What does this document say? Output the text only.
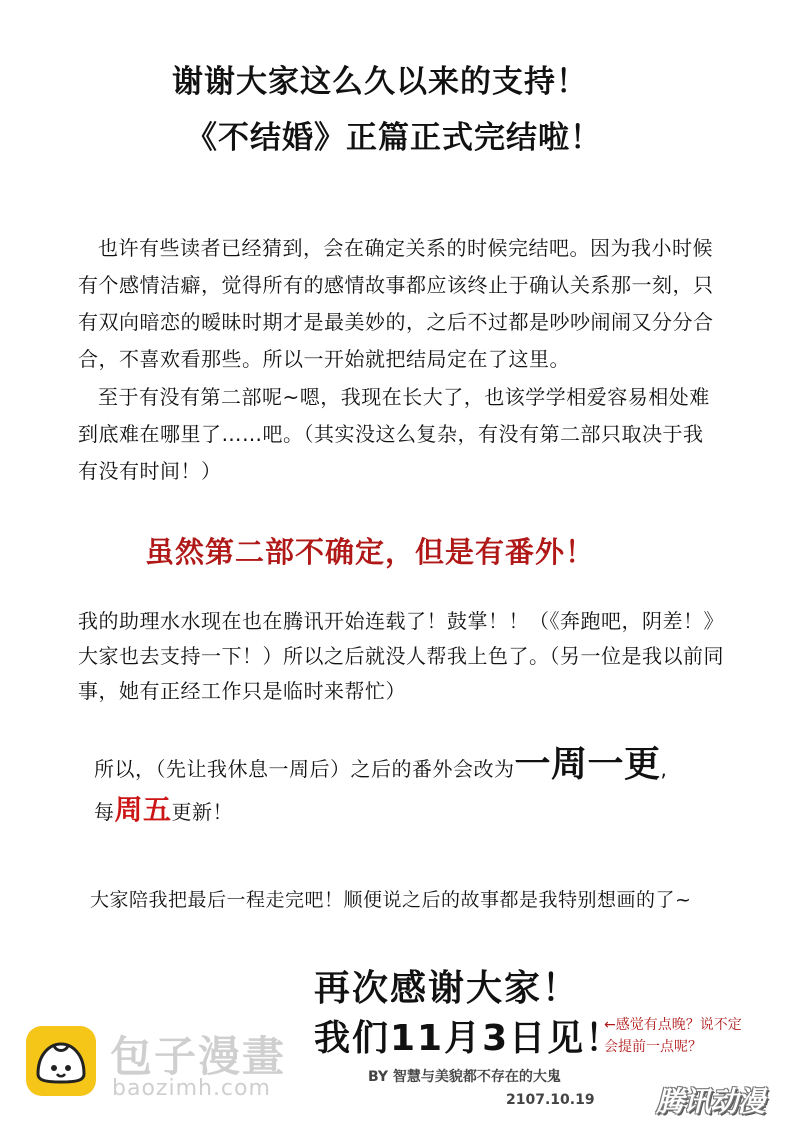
谢谢大家这么久以来的支持！
《不结婚》正篇正式完结啦！
也许有些读者已经猜到，会在确定关系的时候完结吧。因为我小时候
有个感情洁癖，觉得所有的感情故事都应该终止于确认关系那一刻，只
有双向暗恋的暧昧时期才是最美妙的，之后不过都是吵吵闹闹又分分合
合，不喜欢看那些。所以一开始就把结局定在了这里。
至于有没有第二部呢~嗯，我现在长大了，也该学学相爱容易相处难
到底难在哪里了……吧。（其实没这么复杂，有没有第二部只取决于我
有没有时间！）
虽然第二部不确定，但是有番外！
我的助理水水现在也在腾讯开始连载了！鼓掌！！（《奔跑吧，阴差！》
大家也去支持一下！）所以之后就没人帮我上色了。（另一位是我以前同
事，她有正经工作只是临时来帮忙）
所以，（先让我休息一周后）之后的番外会改为一周一更,
每周五更新！
大家陪我把最后一程走完吧！顺便说之后的故事都是我特别想画的了~
再次感谢大家！
我们11月3日见！
←感觉有点晚？说不定
会提前一点呢？
BY 智慧与美貌都不存在的大鬼
2107.10.19
包子漫畫
baozimh.com	腾讯动漫
